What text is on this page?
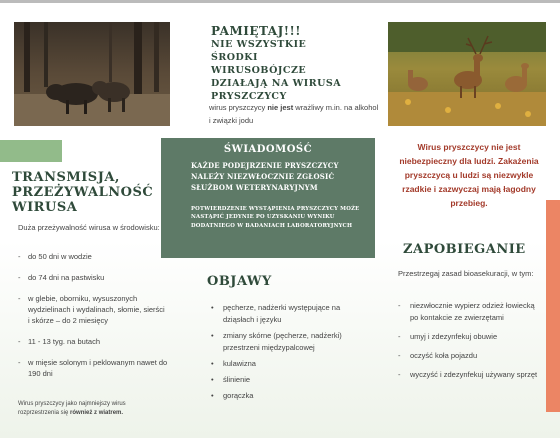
PAMIĘTAJ!!!
NIE WSZYSTKIE
ŚRODKI
WIRUSOBÓJCZE
DZIAŁAJĄ NA WIRUSA
PRYSZCZYCY
wirus pryszczycy nie jest wrażliwy m.in. na alkohol i związki jodu
TRANSMISJA,
PRZEŻYWALNOŚĆ
WIRUSA
Duża przeżywalność wirusa w środowisku:
-	do 50 dni w wodzie
-	do 74 dni na pastwisku
-	w glebie, oborniku, wysuszonych wydzielinach i wydalinach, słomie, sierści i skórze – do 2 miesięcy
-	11 - 13 tyg. na butach
-	w mięsie solonym i peklowanym nawet do 190 dni
Wirus pryszczycy jako najmniejszy wirus rozprzestrzenia się również z wiatrem.
ŚWIADOMOŚĆ
KAŻDE PODEJRZENIE PRYSZCZYCY NALEŻY NIEZWŁOCZNIE ZGŁOSIĆ SŁUŻBOM WETERYNARYJNYM
POTWIERDZENIE WYSTĄPIENIA PRYSZCZYCY MOŻE NASTĄPIĆ JEDYNIE PO UZYSKANIU WYNIKU DODATNIEGO W BADANIACH LABORATORYJNYCH
OBJAWY
•	pęcherze, nadżerki występujące na dziąsłach i języku
•	zmiany skórne (pęcherze, nadżerki) przestrzeni międzypalcowej
•	kulawizna
•	ślinienie
•	gorączka
Wirus pryszczycy nie jest niebezpieczny dla ludzi. Zakażenia pryszczycą u ludzi są niezwykle rzadkie i zazwyczaj mają łagodny przebieg.
ZAPOBIEGANIE
Przestrzegaj zasad bioasekuracji, w tym:
-	niezwłocznie wypierz odzież łowiecką po kontakcie ze zwierzętami
-	umyj i zdezynfekuj obuwie
-	oczyść koła pojazdu
-	wyczyść i zdezynfekuj używany sprzęt
